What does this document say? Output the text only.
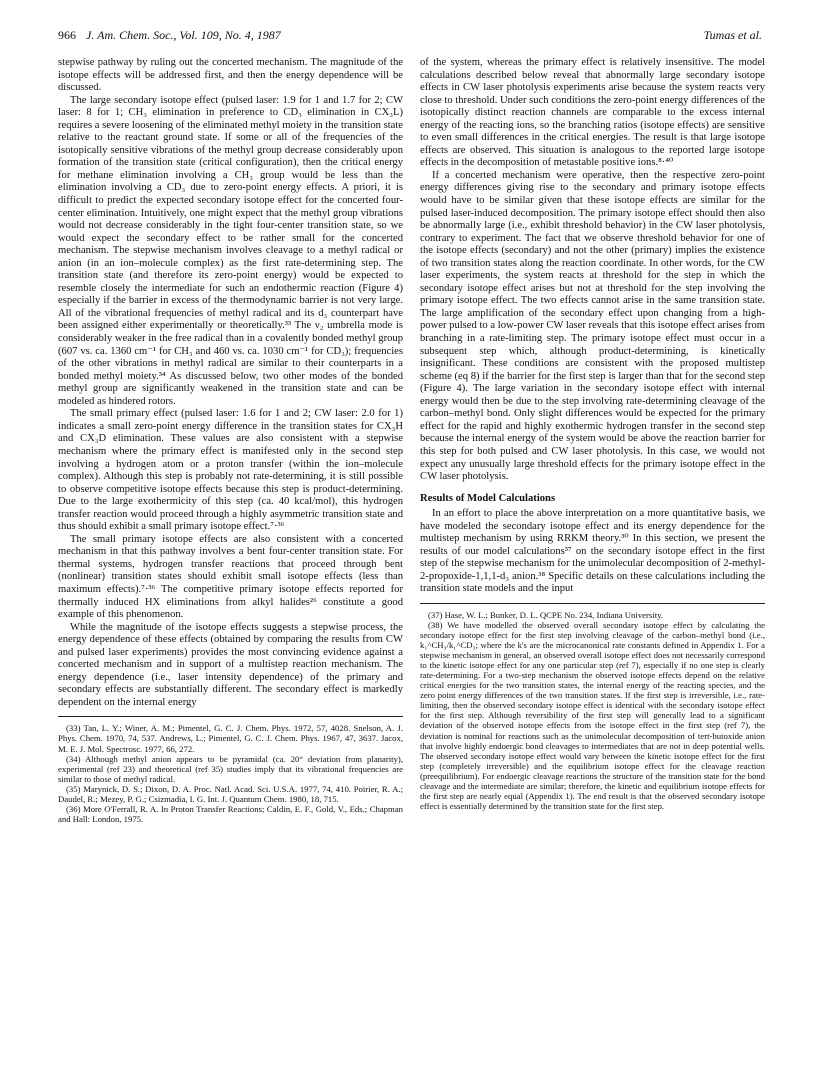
966 J. Am. Chem. Soc., Vol. 109, No. 4, 1987	Tumas et al.

stepwise pathway by ruling out the concerted mechanism. The magnitude of the isotope effects will be addressed first, and then the energy dependence will be discussed.

The large secondary isotope effect (pulsed laser: 1.9 for 1 and 1.7 for 2; CW laser: 8 for 1; CH₃ elimination in preference to CD₃ elimination in CX₃L) requires a severe loosening of the eliminated methyl moiety in the transition state relative to the reactant ground state. If some or all of the frequencies of the isotopically sensitive vibrations of the methyl group decrease considerably upon formation of the transition state (critical configuration), then the critical energy for methane elimination involving a CH₃ group would be less than the elimination involving a CD₃ due to zero-point energy effects. A priori, it is difficult to predict the expected secondary isotope effect for the concerted four-center elimination. Intuitively, one might expect that the methyl group vibrations would not decrease considerably in the tight four-center transition state, so we would expect the secondary effect to be rather small for the concerted mechanism. The stepwise mechanism involves cleavage to a methyl radical or anion (in an ion–molecule complex) as the first rate-determining step. The transition state (and therefore its zero-point energy) would be expected to resemble closely the intermediate for such an endothermic reaction (Figure 4) especially if the barrier in excess of the thermodynamic barrier is not very large. All of the vibrational frequencies of methyl radical and its d₃ counterpart have been assigned either experimentally or theoretically.³³ The ν₂ umbrella mode is considerably weaker in the free radical than in a covalently bonded methyl group (607 vs. ca. 1360 cm⁻¹ for CH₃ and 460 vs. ca. 1030 cm⁻¹ for CD₃); frequencies of the other vibrations in methyl radical are similar to their counterparts in a bonded methyl moiety.³⁴ As discussed below, two other modes of the bonded methyl group are significantly weakened in the transition state and can be modeled as hindered rotors.

The small primary effect (pulsed laser: 1.6 for 1 and 2; CW laser: 2.0 for 1) indicates a small zero-point energy difference in the transition states for CX₃H and CX₃D elimination. These values are also consistent with a stepwise mechanism where the primary effect is manifested only in the second step involving a hydrogen atom or a proton transfer (within the ion–molecule complex). Although this step is probably not rate-determining, it is still possible to observe competitive isotope effects because this step is product-determining. Due to the large exothermicity of this step (ca. 40 kcal/mol), this hydrogen transfer reaction would proceed through a highly asymmetric transition state and thus should exhibit a small primary isotope effect.⁷·³⁶

The small primary isotope effects are also consistent with a concerted mechanism in that this pathway involves a bent four-center transition state. For thermal systems, hydrogen transfer reactions that proceed through bent (nonlinear) transition states should exhibit small isotope effects (less than maximum effects).⁷·³⁶ The competitive primary isotope effects reported for thermally induced HX eliminations from alkyl halides²⁶ constitute a good example of this phenomenon.

While the magnitude of the isotope effects suggests a stepwise process, the energy dependence of these effects (obtained by comparing the results from CW and pulsed laser experiments) provides the most convincing evidence against a concerted mechanism and in support of a multistep reaction mechanism. The energy dependence (i.e., laser intensity dependence) of the primary and secondary effects are substantially different. The secondary effect is markedly dependent on the internal energy

(33) Tan, L. Y.; Winer, A. M.; Pimentel, G. C. J. Chem. Phys. 1972, 57, 4028. Snelson, A. J. Phys. Chem. 1970, 74, 537. Andrews, L.; Pimentel, G. C. J. Chem. Phys. 1967, 47, 3637. Jacox, M. E. J. Mol. Spectrosc. 1977, 66, 272.

(34) Although methyl anion appears to be pyramidal (ca. 20° deviation from planarity), experimental (ref 23) and theoretical (ref 35) studies imply that its vibrational frequencies are similar to those of methyl radical.

(35) Marynick, D. S.; Dixon, D. A. Proc. Natl. Acad. Sci. U.S.A. 1977, 74, 410. Poirier, R. A.; Daudel, R.; Mezey, P. G.; Csizmadia, I. G. Int. J. Quantum Chem. 1980, 18, 715.

(36) More O'Ferrall, R. A. In Proton Transfer Reactions; Caldin, E. F., Gold, V., Eds.; Chapman and Hall: London, 1975.

of the system, whereas the primary effect is relatively insensitive. The model calculations described below reveal that abnormally large secondary isotope effects in CW laser photolysis experiments arise because the system reacts very close to threshold. Under such conditions the zero-point energy differences of the isotopically distinct reaction channels are comparable to the excess internal energy of the reacting ions, so the branching ratios (isotope effects) are sensitive to even small differences in the critical energies. The result is that large isotope effects are observed. This situation is analogous to the reported large isotope effects in the decomposition of metastable positive ions.⁸·⁴⁰

If a concerted mechanism were operative, then the respective zero-point energy differences giving rise to the secondary and primary isotope effects would have to be similar given that these isotope effects are similar for the pulsed laser-induced decomposition. The primary isotope effect should then also be abnormally large (i.e., exhibit threshold behavior) in the CW laser photolysis, contrary to experiment. The fact that we observe threshold behavior for one of the isotope effects (secondary) and not the other (primary) implies the existence of two transition states along the reaction coordinate. In other words, for the CW laser experiments, the system reacts at threshold for the step in which the secondary isotope effect arises but not at threshold for the step involving the primary isotope effect. The two effects cannot arise in the same transition state. The large amplification of the secondary effect upon changing from a high-power pulsed to a low-power CW laser reveals that this isotope effect arises from branching in a rate-limiting step. The primary isotope effect must occur in a subsequent step which, although product-determining, is kinetically insignificant. These conditions are consistent with the proposed multistep scheme (eq 8) if the barrier for the first step is larger than that for the second step (Figure 4). The large variation in the secondary isotope effect with internal energy would then be due to the step involving rate-determining cleavage of the carbon–methyl bond. Only slight differences would be expected for the primary effect for the rapid and highly exothermic hydrogen transfer in the second step because the internal energy of the system would be above the reaction barrier for this step for both pulsed and CW laser photolysis. In this case, we would not expect any unusually large threshold effects for the primary isotope effect in the CW laser photolysis.

Results of Model Calculations

In an effort to place the above interpretation on a more quantitative basis, we have modeled the secondary isotope effect and its energy dependence for the multistep mechanism by using RRKM theory.³⁰ In this section, we present the results of our model calculations³⁷ on the secondary isotope effect in the first step of the stepwise mechanism for the unimolecular decomposition of 2-methyl-2-propoxide-1,1,1-d₃ anion.³⁸ Specific details on these calculations including the transition state models and the input

(37) Hase, W. L.; Bunker, D. L. QCPE No. 234, Indiana University.

(38) We have modelled the observed overall secondary isotope effect by calculating the secondary isotope effect for the first step involving cleavage of the carbon–methyl bond (i.e., k₁^CH₃/k₁^CD₃; where the k's are the microcanonical rate constants defined in Appendix 1. For a stepwise mechanism in general, an observed overall isotope effect does not necessarily correspond to the kinetic isotope effect for any one particular step (ref 7), especially if no one step is clearly rate-determining. For a two-step mechanism the observed isotope effects depend on the relative critical energies for the two transition states, the internal energy of the reacting species, and the zero point energy differences of the two transition states. If the first step is irreversible, i.e., rate-limiting, then the observed secondary isotope effect is identical with the secondary isotope effect for the first step. Although reversibility of the first step will generally lead to a significant deviation of the observed isotope effects from the isotope effect in the first step (ref 7), the deviation is nominal for reactions such as the unimolecular decomposition of tert-butoxide anion that involve highly endoergic bond cleavages to intermediates that are not in deep potential wells. The observed secondary isotope effect would vary between the kinetic isotope effect for the first step (completely irreversible) and the equilibrium isotope effect for the cleavage reaction (preequilibrium). For endoergic cleavage reactions the structure of the transition state for the bond cleavage and the intermediate are similar; therefore, the kinetic and equilibrium isotope effects for the first step are nearly equal (Appendix 1). The end result is that the observed secondary isotope effect is essentially determined by the transition state for the first step.
